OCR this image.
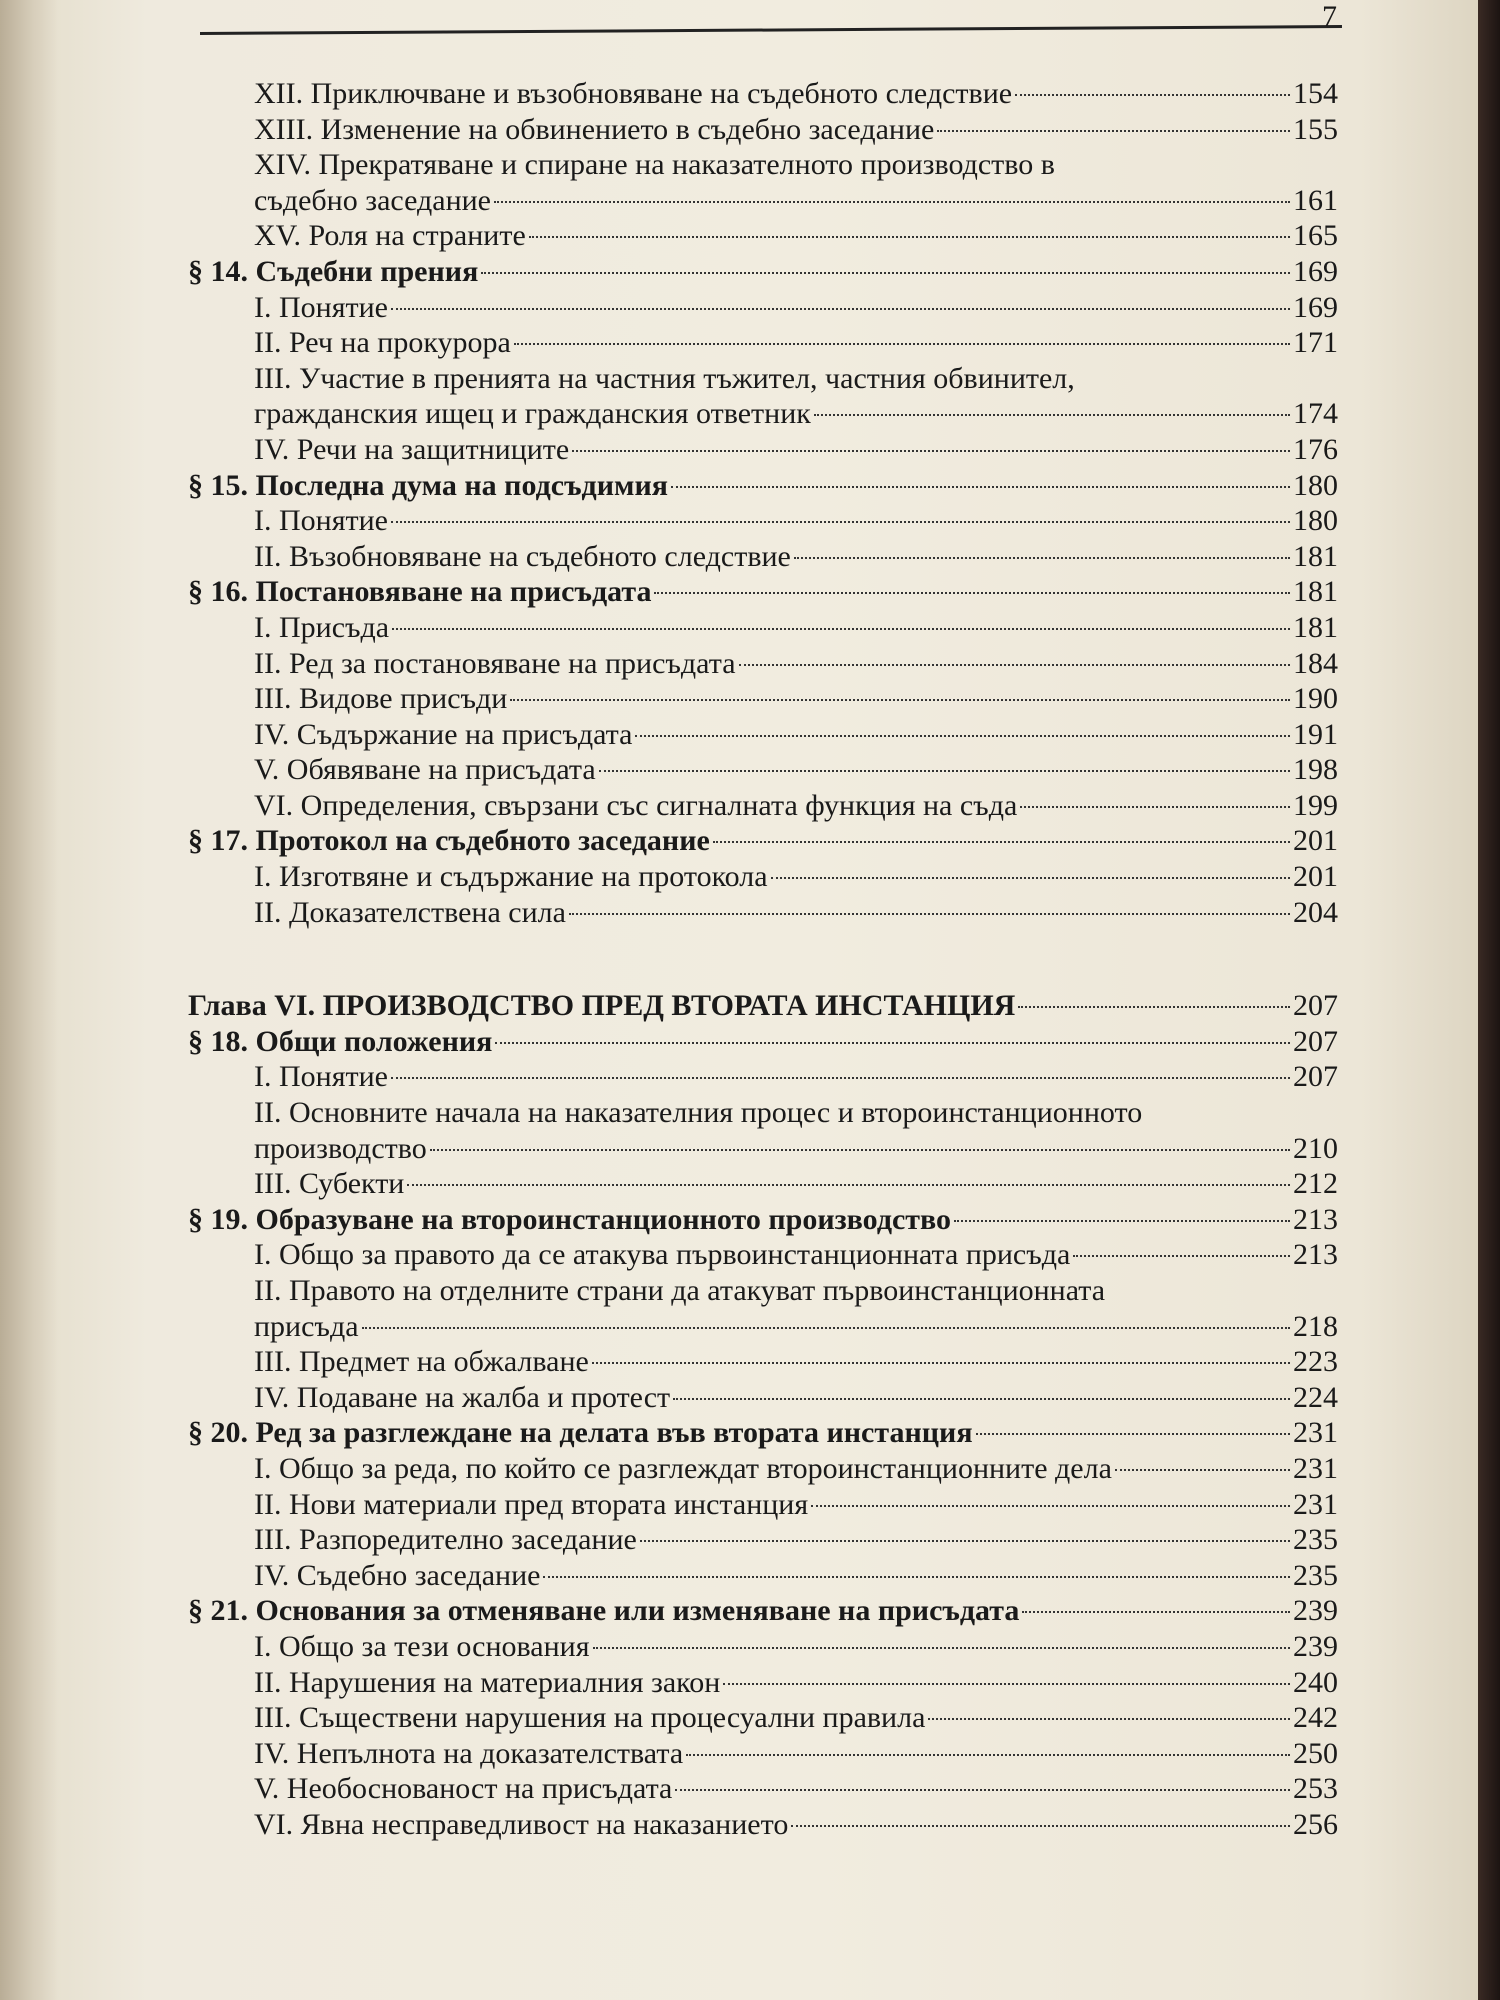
7
XII. Приключване и възобновяване на съдебното следствие	154
XIII. Изменение на обвинението в съдебно заседание	155
XIV. Прекратяване и спиране на наказателното производство в
съдебно заседание	161
XV. Роля на страните	165
§ 14. Съдебни прения	169
I. Понятие	169
II. Реч на прокурора	171
III. Участие в пренията на частния тъжител, частния обвинител,
гражданския ищец и гражданския ответник	174
IV. Речи на защитниците	176
§ 15. Последна дума на подсъдимия	180
I. Понятие	180
II. Възобновяване на съдебното следствие	181
§ 16. Постановяване на присъдата	181
I. Присъда	181
II. Ред за постановяване на присъдата	184
III. Видове присъди	190
IV. Съдържание на присъдата	191
V. Обявяване на присъдата	198
VI. Определения, свързани със сигналната функция на съда	199
§ 17. Протокол на съдебното заседание	201
I. Изготвяне и съдържание на протокола	201
II. Доказателствена сила	204
Глава VI. ПРОИЗВОДСТВО ПРЕД ВТОРАТА ИНСТАНЦИЯ	207
§ 18. Общи положения	207
I. Понятие	207
II. Основните начала на наказателния процес и второинстанционното
производство	210
III. Субекти	212
§ 19. Образуване на второинстанционното производство	213
I. Общо за правото да се атакува първоинстанционната присъда	213
II. Правото на отделните страни да атакуват първоинстанционната
присъда	218
III. Предмет на обжалване	223
IV. Подаване на жалба и протест	224
§ 20. Ред за разглеждане на делата във втората инстанция	231
I. Общо за реда, по който се разглеждат второинстанционните дела	231
II. Нови материали пред втората инстанция	231
III. Разпоредително заседание	235
IV. Съдебно заседание	235
§ 21. Основания за отменяване или изменяване на присъдата	239
I. Общо за тези основания	239
II. Нарушения на материалния закон	240
III. Съществени нарушения на процесуални правила	242
IV. Непълнота на доказателствата	250
V. Необоснованост на присъдата	253
VI. Явна несправедливост на наказанието	256
